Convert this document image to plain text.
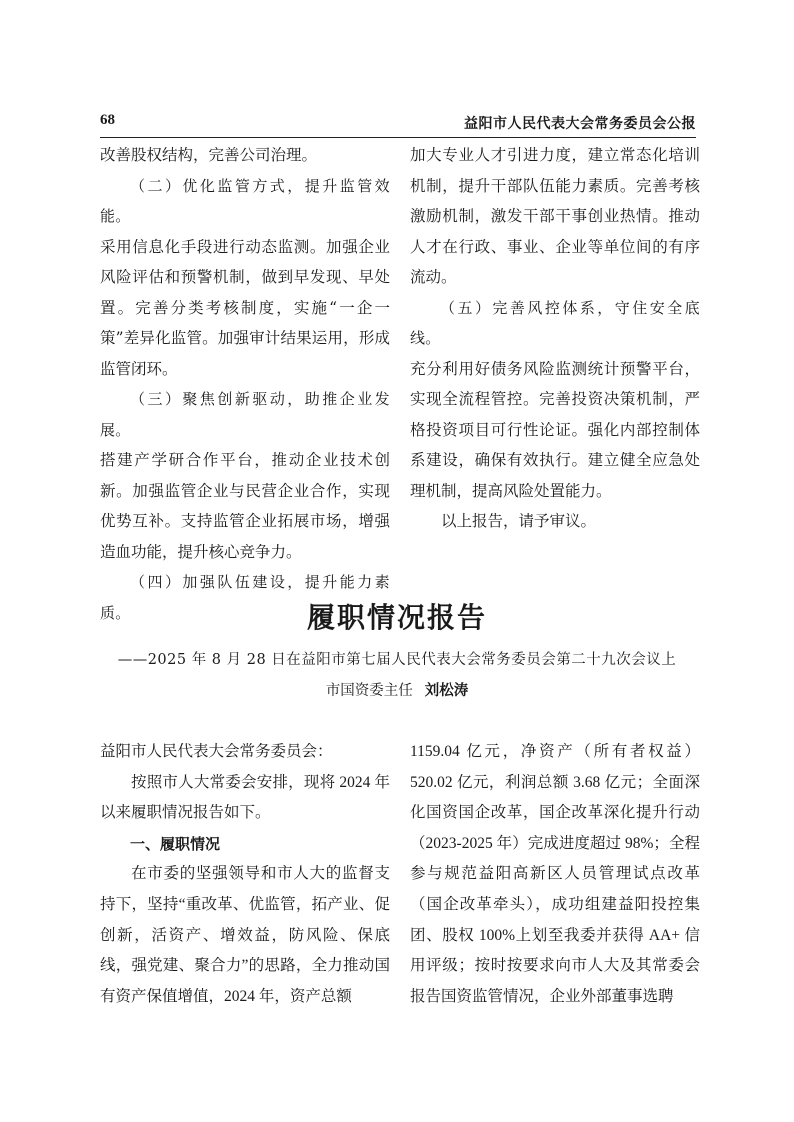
68	益阳市人民代表大会常务委员会公报

改善股权结构，完善公司治理。

（二）优化监管方式，提升监管效能。

采用信息化手段进行动态监测。加强企业风险评估和预警机制，做到早发现、早处置。完善分类考核制度，实施“一企一策”差异化监管。加强审计结果运用，形成监管闭环。

（三）聚焦创新驱动，助推企业发展。

搭建产学研合作平台，推动企业技术创新。加强监管企业与民营企业合作，实现优势互补。支持监管企业拓展市场，增强造血功能，提升核心竞争力。

（四）加强队伍建设，提升能力素质。

加大专业人才引进力度，建立常态化培训机制，提升干部队伍能力素质。完善考核激励机制，激发干部干事创业热情。推动人才在行政、事业、企业等单位间的有序流动。

（五）完善风控体系，守住安全底线。

充分利用好债务风险监测统计预警平台，实现全流程管控。完善投资决策机制，严格投资项目可行性论证。强化内部控制体系建设，确保有效执行。建立健全应急处理机制，提高风险处置能力。

以上报告，请予审议。

履职情况报告
——2025 年 8 月 28 日在益阳市第七届人民代表大会常务委员会第二十九次会议上
市国资委主任 刘松涛

益阳市人民代表大会常务委员会：

按照市人大常委会安排，现将 2024 年以来履职情况报告如下。

一、履职情况

在市委的坚强领导和市人大的监督支持下，坚持“重改革、优监管，拓产业、促创新，活资产、增效益，防风险、保底线，强党建、聚合力”的思路，全力推动国有资产保值增值，2024 年，资产总额

1159.04 亿元，净资产（所有者权益）520.02 亿元，利润总额 3.68 亿元；全面深化国资国企改革，国企改革深化提升行动（2023-2025 年）完成进度超过 98%；全程参与规范益阳高新区人员管理试点改革（国企改革牵头），成功组建益阳投控集团、股权 100%上划至我委并获得 AA+ 信用评级；按时按要求向市人大及其常委会报告国资监管情况，企业外部董事选聘
